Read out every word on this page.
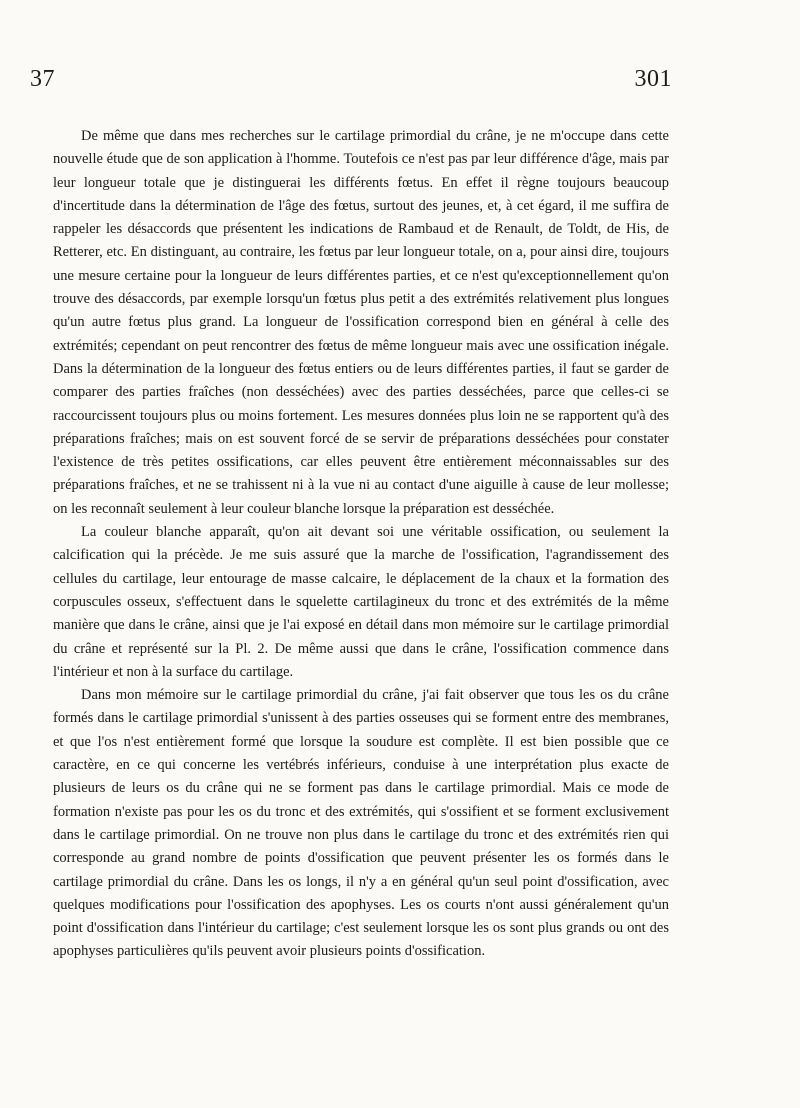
37	301

De même que dans mes recherches sur le cartilage primordial du crâne, je ne m'occupe dans cette nouvelle étude que de son application à l'homme. Toutefois ce n'est pas par leur différence d'âge, mais par leur longueur totale que je distinguerai les différents fœtus. En effet il règne toujours beaucoup d'incertitude dans la détermination de l'âge des fœtus, surtout des jeunes, et, à cet égard, il me suffira de rappeler les désaccords que présentent les indications de Rambaud et de Renault, de Toldt, de His, de Retterer, etc. En distinguant, au contraire, les fœtus par leur longueur totale, on a, pour ainsi dire, toujours une mesure certaine pour la longueur de leurs différentes parties, et ce n'est qu'exceptionnellement qu'on trouve des désaccords, par exemple lorsqu'un fœtus plus petit a des extrémités relativement plus longues qu'un autre fœtus plus grand. La longueur de l'ossification correspond bien en général à celle des extrémités; cependant on peut rencontrer des fœtus de même longueur mais avec une ossification inégale. Dans la détermination de la longueur des fœtus entiers ou de leurs différentes parties, il faut se garder de comparer des parties fraîches (non desséchées) avec des parties desséchées, parce que celles-ci se raccourcissent toujours plus ou moins fortement. Les mesures données plus loin ne se rapportent qu'à des préparations fraîches; mais on est souvent forcé de se servir de préparations desséchées pour constater l'existence de très petites ossifications, car elles peuvent être entièrement méconnaissables sur des préparations fraîches, et ne se trahissent ni à la vue ni au contact d'une aiguille à cause de leur mollesse; on les reconnaît seulement à leur couleur blanche lorsque la préparation est desséchée.

La couleur blanche apparaît, qu'on ait devant soi une véritable ossification, ou seulement la calcification qui la précède. Je me suis assuré que la marche de l'ossification, l'agrandissement des cellules du cartilage, leur entourage de masse calcaire, le déplacement de la chaux et la formation des corpuscules osseux, s'effectuent dans le squelette cartilagineux du tronc et des extrémités de la même manière que dans le crâne, ainsi que je l'ai exposé en détail dans mon mémoire sur le cartilage primordial du crâne et représenté sur la Pl. 2. De même aussi que dans le crâne, l'ossification commence dans l'intérieur et non à la surface du cartilage.

Dans mon mémoire sur le cartilage primordial du crâne, j'ai fait observer que tous les os du crâne formés dans le cartilage primordial s'unissent à des parties osseuses qui se forment entre des membranes, et que l'os n'est entièrement formé que lorsque la soudure est complète. Il est bien possible que ce caractère, en ce qui concerne les vertébrés inférieurs, conduise à une interprétation plus exacte de plusieurs de leurs os du crâne qui ne se forment pas dans le cartilage primordial. Mais ce mode de formation n'existe pas pour les os du tronc et des extrémités, qui s'ossifient et se forment exclusivement dans le cartilage primordial. On ne trouve non plus dans le cartilage du tronc et des extrémités rien qui corresponde au grand nombre de points d'ossification que peuvent présenter les os formés dans le cartilage primordial du crâne. Dans les os longs, il n'y a en général qu'un seul point d'ossification, avec quelques modifications pour l'ossification des apophyses. Les os courts n'ont aussi généralement qu'un point d'ossification dans l'intérieur du cartilage; c'est seulement lorsque les os sont plus grands ou ont des apophyses particulières qu'ils peuvent avoir plusieurs points d'ossification.
